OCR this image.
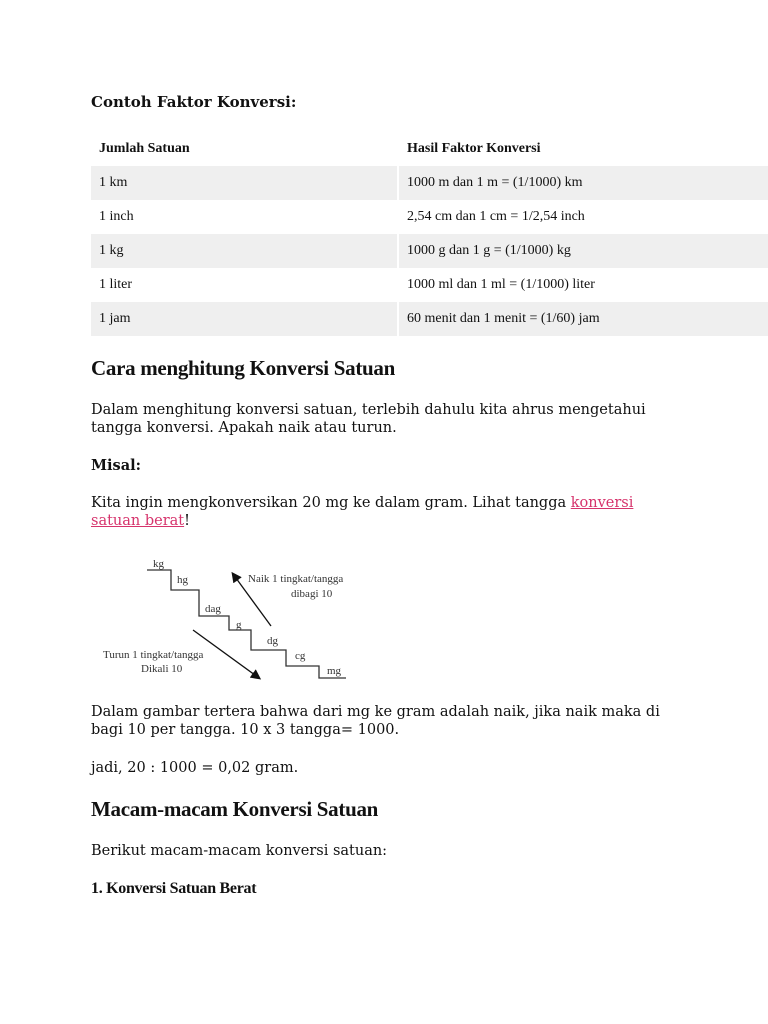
Contoh Faktor Konversi:
Jumlah Satuan	Hasil Faktor Konversi
1 km	1000 m dan 1 m = (1/1000) km
1 inch	2,54 cm dan 1 cm = 1/2,54 inch
1 kg	1000 g dan 1 g = (1/1000) kg
1 liter	1000 ml dan 1 ml = (1/1000) liter
1 jam	60 menit dan 1 menit = (1/60) jam
Cara menghitung Konversi Satuan

Dalam menghitung konversi satuan, terlebih dahulu kita ahrus mengetahui tangga konversi. Apakah naik atau turun.

Misal:

Kita ingin mengkonversikan 20 mg ke dalam gram. Lihat tangga konversi satuan berat!

kg
hg
dag
g
dg
cg
mg
Naik 1 tingkat/tangga
dibagi 10
Turun 1 tingkat/tangga
Dikali 10

Dalam gambar tertera bahwa dari mg ke gram adalah naik, jika naik maka di bagi 10 per tangga. 10 x 3 tangga= 1000.

jadi, 20 : 1000 = 0,02 gram.

Macam-macam Konversi Satuan

Berikut macam-macam konversi satuan:

1. Konversi Satuan Berat
